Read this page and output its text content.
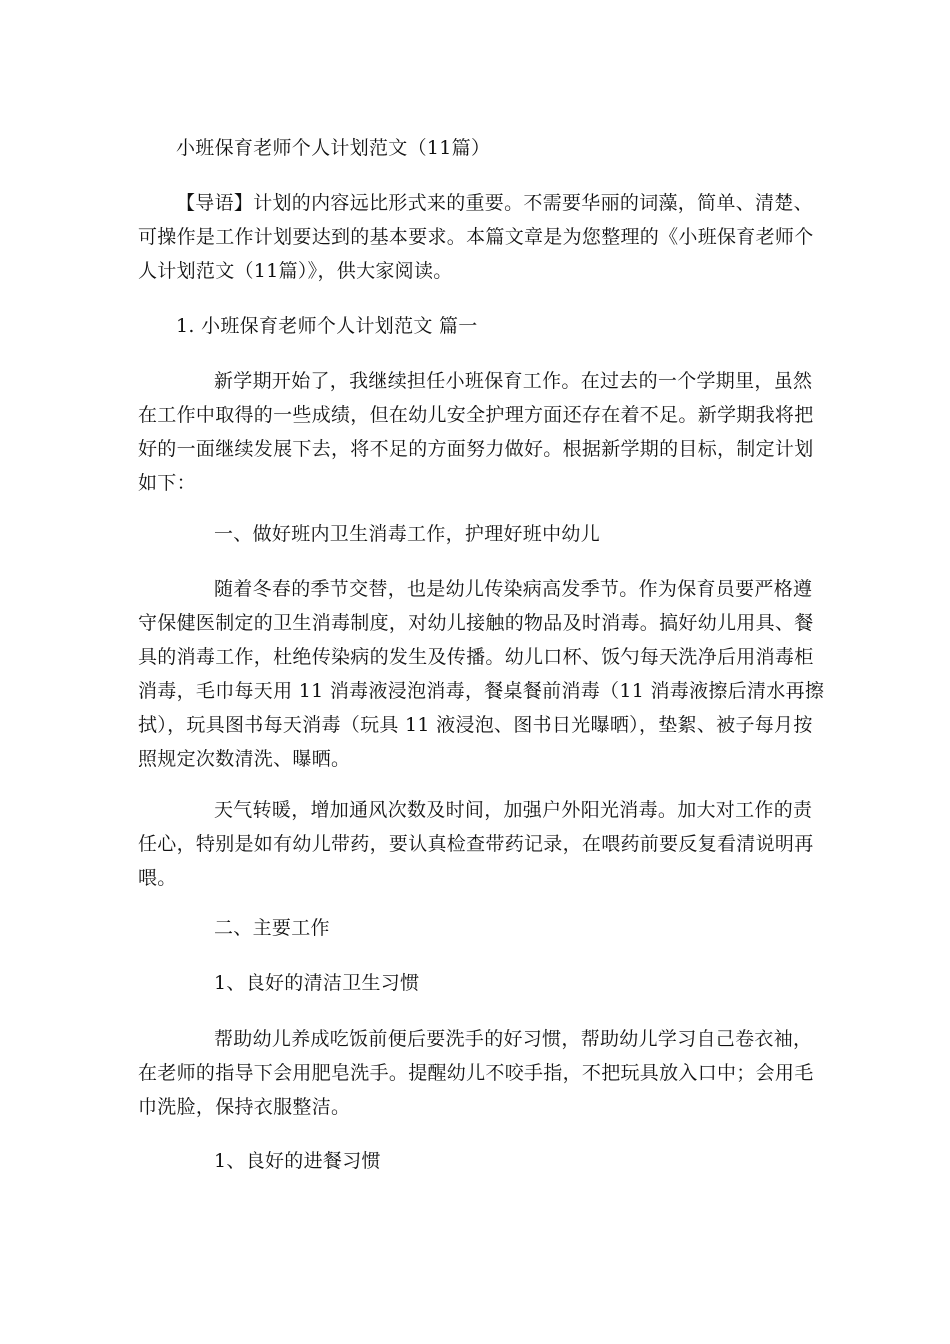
小班保育老师个人计划范文（11篇）
【导语】计划的内容远比形式来的重要。不需要华丽的词藻，简单、清楚、
可操作是工作计划要达到的基本要求。本篇文章是为您整理的《小班保育老师个
人计划范文（11篇）》，供大家阅读。
1. 小班保育老师个人计划范文 篇一
新学期开始了，我继续担任小班保育工作。在过去的一个学期里，虽然
在工作中取得的一些成绩，但在幼儿安全护理方面还存在着不足。新学期我将把
好的一面继续发展下去，将不足的方面努力做好。根据新学期的目标，制定计划
如下：
一、做好班内卫生消毒工作，护理好班中幼儿
随着冬春的季节交替，也是幼儿传染病高发季节。作为保育员要严格遵
守保健医制定的卫生消毒制度，对幼儿接触的物品及时消毒。搞好幼儿用具、餐
具的消毒工作，杜绝传染病的发生及传播。幼儿口杯、饭勺每天洗净后用消毒柜
消毒，毛巾每天用 11 消毒液浸泡消毒，餐桌餐前消毒（11 消毒液擦后清水再擦
拭），玩具图书每天消毒（玩具 11 液浸泡、图书日光曝晒），垫絮、被子每月按
照规定次数清洗、曝晒。
天气转暖，增加通风次数及时间，加强户外阳光消毒。加大对工作的责
任心，特别是如有幼儿带药，要认真检查带药记录，在喂药前要反复看清说明再
喂。
二、主要工作
1、良好的清洁卫生习惯
帮助幼儿养成吃饭前便后要洗手的好习惯，帮助幼儿学习自己卷衣袖，
在老师的指导下会用肥皂洗手。提醒幼儿不咬手指，不把玩具放入口中；会用毛
巾洗脸，保持衣服整洁。
1、良好的进餐习惯
